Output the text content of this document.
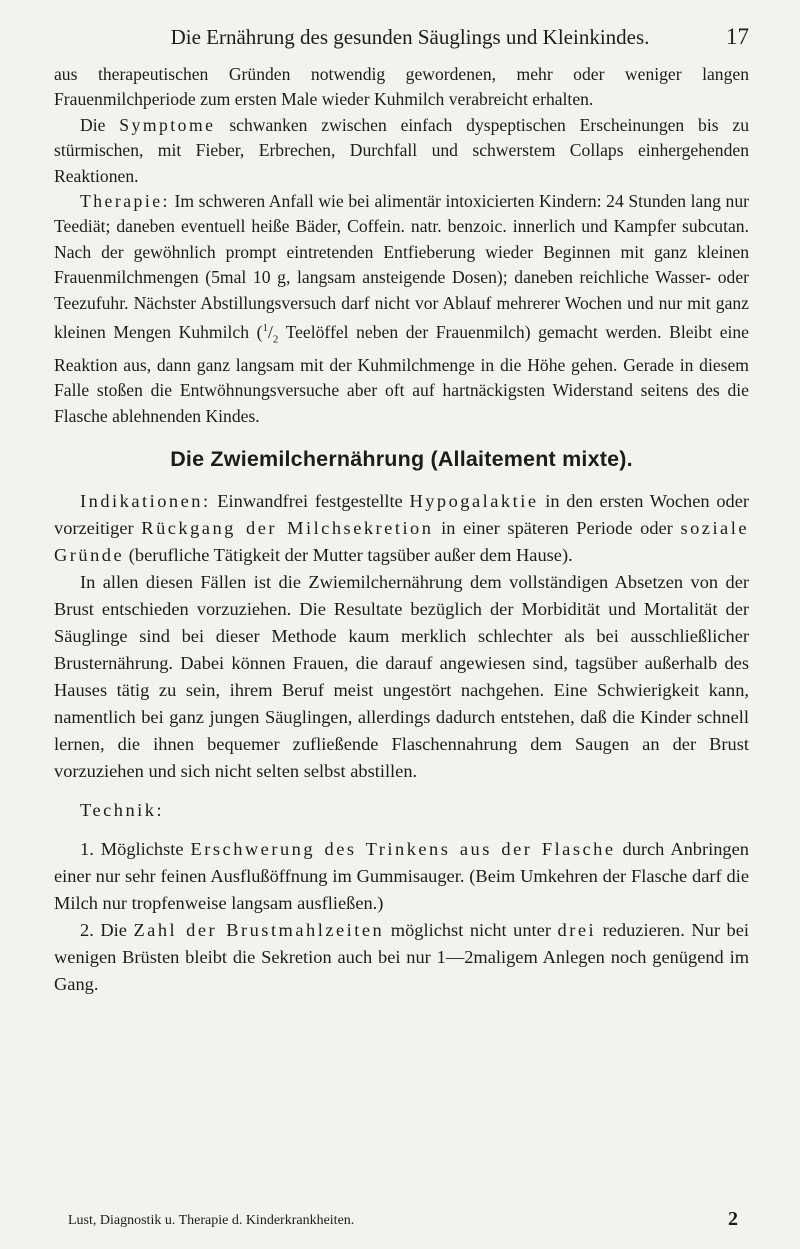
Die Ernährung des gesunden Säuglings und Kleinkindes.	17

aus therapeutischen Gründen notwendig gewordenen, mehr oder weniger langen Frauenmilchperiode zum ersten Male wieder Kuhmilch verabreicht erhalten.

Die Symptome schwanken zwischen einfach dyspeptischen Erscheinungen bis zu stürmischen, mit Fieber, Erbrechen, Durchfall und schwerstem Collaps einhergehenden Reaktionen.

Therapie: Im schweren Anfall wie bei alimentär intoxicierten Kindern: 24 Stunden lang nur Teediät; daneben eventuell heiße Bäder, Coffein. natr. benzoic. innerlich und Kampfer subcutan. Nach der gewöhnlich prompt eintretenden Entfieberung wieder Beginnen mit ganz kleinen Frauenmilchmengen (5mal 10 g, langsam ansteigende Dosen); daneben reichliche Wasser- oder Teezufuhr. Nächster Abstillungsversuch darf nicht vor Ablauf mehrerer Wochen und nur mit ganz kleinen Mengen Kuhmilch ($^1/_2$ Teelöffel neben der Frauenmilch) gemacht werden. Bleibt eine Reaktion aus, dann ganz langsam mit der Kuhmilchmenge in die Höhe gehen. Gerade in diesem Falle stoßen die Entwöhnungsversuche aber oft auf hartnäckigsten Widerstand seitens des die Flasche ablehnenden Kindes.

Die Zwiemilchernährung (Allaitement mixte).

Indikationen: Einwandfrei festgestellte Hypogalaktie in den ersten Wochen oder vorzeitiger Rückgang der Milchsekretion in einer späteren Periode oder soziale Gründe (berufliche Tätigkeit der Mutter tagsüber außer dem Hause).

In allen diesen Fällen ist die Zwiemilchernährung dem vollständigen Absetzen von der Brust entschieden vorzuziehen. Die Resultate bezüglich der Morbidität und Mortalität der Säuglinge sind bei dieser Methode kaum merklich schlechter als bei ausschließlicher Brusternährung. Dabei können Frauen, die darauf angewiesen sind, tagsüber außerhalb des Hauses tätig zu sein, ihrem Beruf meist ungestört nachgehen. Eine Schwierigkeit kann, namentlich bei ganz jungen Säuglingen, allerdings dadurch entstehen, daß die Kinder schnell lernen, die ihnen bequemer zufließende Flaschennahrung dem Saugen an der Brust vorzuziehen und sich nicht selten selbst abstillen.

Technik:

1. Möglichste Erschwerung des Trinkens aus der Flasche durch Anbringen einer nur sehr feinen Ausflußöffnung im Gummisauger. (Beim Umkehren der Flasche darf die Milch nur tropfenweise langsam ausfließen.)

2. Die Zahl der Brustmahlzeiten möglichst nicht unter drei reduzieren. Nur bei wenigen Brüsten bleibt die Sekretion auch bei nur 1—2maligem Anlegen noch genügend im Gang.

Lust, Diagnostik u. Therapie d. Kinderkrankheiten.	2
